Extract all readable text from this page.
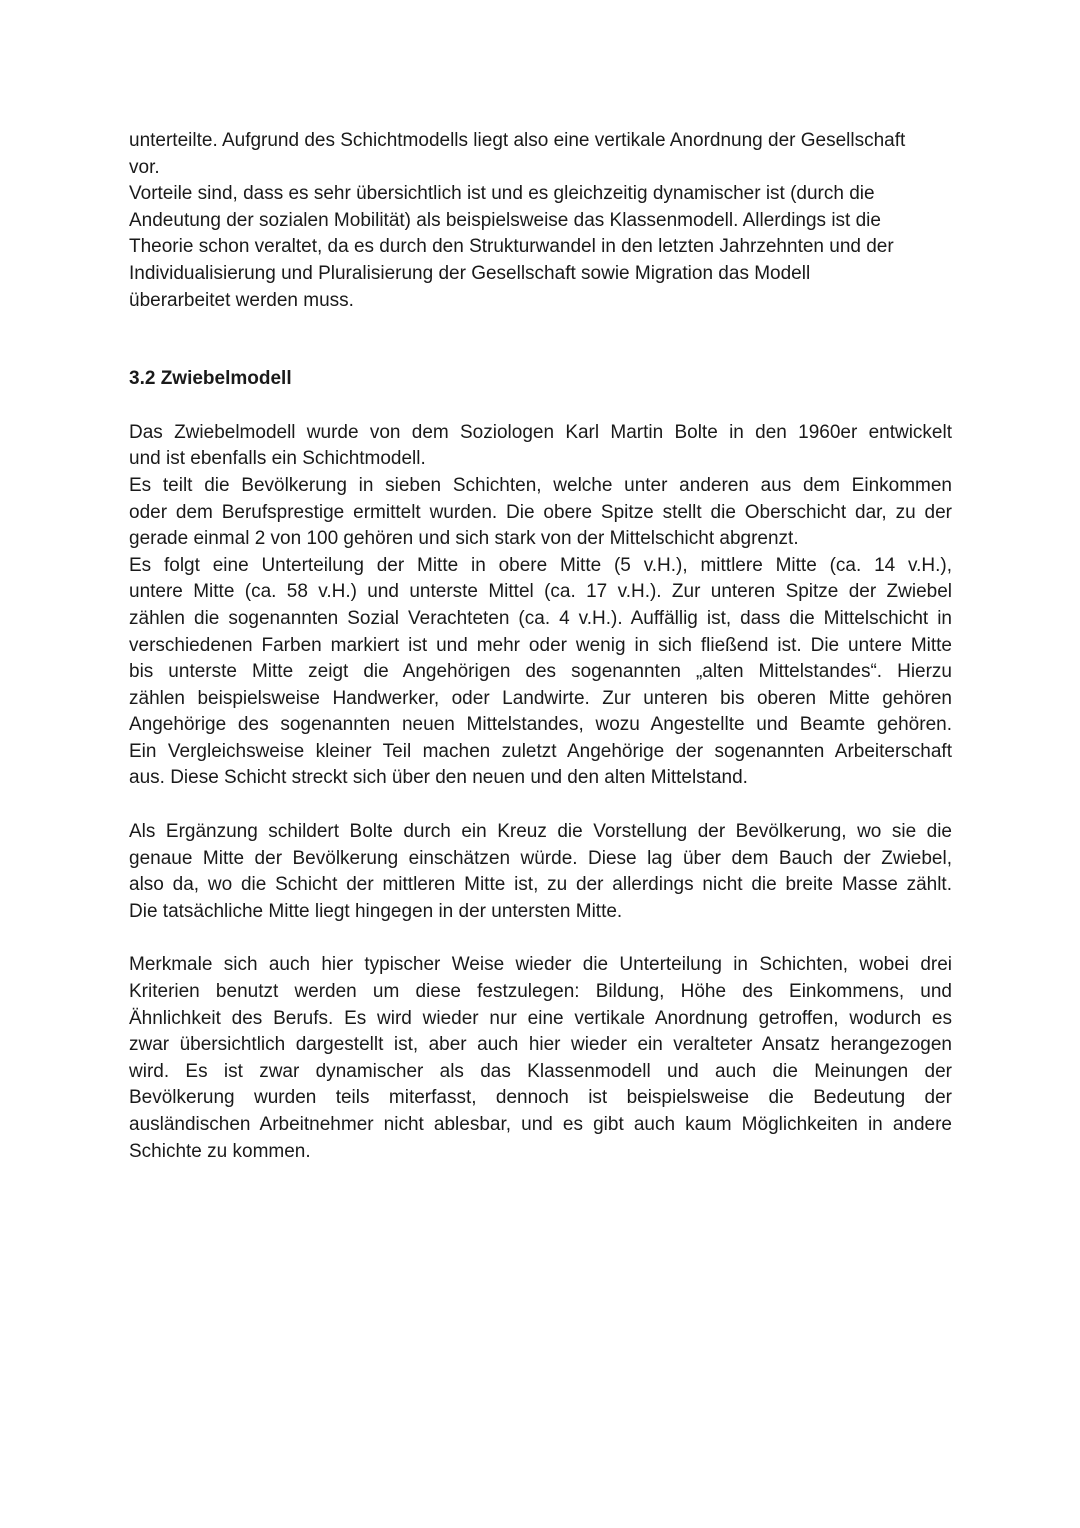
unterteilte. Aufgrund des Schichtmodells liegt also eine vertikale Anordnung der Gesellschaft
vor.

Vorteile sind, dass es sehr übersichtlich ist und es gleichzeitig dynamischer ist (durch die
Andeutung der sozialen Mobilität) als beispielsweise das Klassenmodell. Allerdings ist die
Theorie schon veraltet, da es durch den Strukturwandel in den letzten Jahrzehnten und der
Individualisierung und Pluralisierung der Gesellschaft sowie Migration das Modell
überarbeitet werden muss.

3.2 Zwiebelmodell

Das Zwiebelmodell wurde von dem Soziologen Karl Martin Bolte in den 1960er entwickelt
und ist ebenfalls ein Schichtmodell.

Es teilt die Bevölkerung in sieben Schichten, welche unter anderen aus dem Einkommen
oder dem Berufsprestige ermittelt wurden. Die obere Spitze stellt die Oberschicht dar, zu der
gerade einmal 2 von 100 gehören und sich stark von der Mittelschicht abgrenzt.

Es folgt eine Unterteilung der Mitte in obere Mitte (5 v.H.), mittlere Mitte (ca. 14 v.H.),
untere Mitte (ca. 58 v.H.) und unterste Mittel (ca. 17 v.H.). Zur unteren Spitze der Zwiebel
zählen die sogenannten Sozial Verachteten (ca. 4 v.H.). Auffällig ist, dass die Mittelschicht in
verschiedenen Farben markiert ist und mehr oder wenig in sich fließend ist. Die untere Mitte
bis unterste Mitte zeigt die Angehörigen des sogenannten „alten Mittelstandes“. Hierzu
zählen beispielsweise Handwerker, oder Landwirte. Zur unteren bis oberen Mitte gehören
Angehörige des sogenannten neuen Mittelstandes, wozu Angestellte und Beamte gehören.
Ein Vergleichsweise kleiner Teil machen zuletzt Angehörige der sogenannten Arbeiterschaft
aus. Diese Schicht streckt sich über den neuen und den alten Mittelstand.

Als Ergänzung schildert Bolte durch ein Kreuz die Vorstellung der Bevölkerung, wo sie die
genaue Mitte der Bevölkerung einschätzen würde. Diese lag über dem Bauch der Zwiebel,
also da, wo die Schicht der mittleren Mitte ist, zu der allerdings nicht die breite Masse zählt.
Die tatsächliche Mitte liegt hingegen in der untersten Mitte.

Merkmale sich auch hier typischer Weise wieder die Unterteilung in Schichten, wobei drei
Kriterien benutzt werden um diese festzulegen: Bildung, Höhe des Einkommens, und
Ähnlichkeit des Berufs. Es wird wieder nur eine vertikale Anordnung getroffen, wodurch es
zwar übersichtlich dargestellt ist, aber auch hier wieder ein veralteter Ansatz herangezogen
wird. Es ist zwar dynamischer als das Klassenmodell und auch die Meinungen der
Bevölkerung wurden teils miterfasst, dennoch ist beispielsweise die Bedeutung der
ausländischen Arbeitnehmer nicht ablesbar, und es gibt auch kaum Möglichkeiten in andere
Schichte zu kommen.
